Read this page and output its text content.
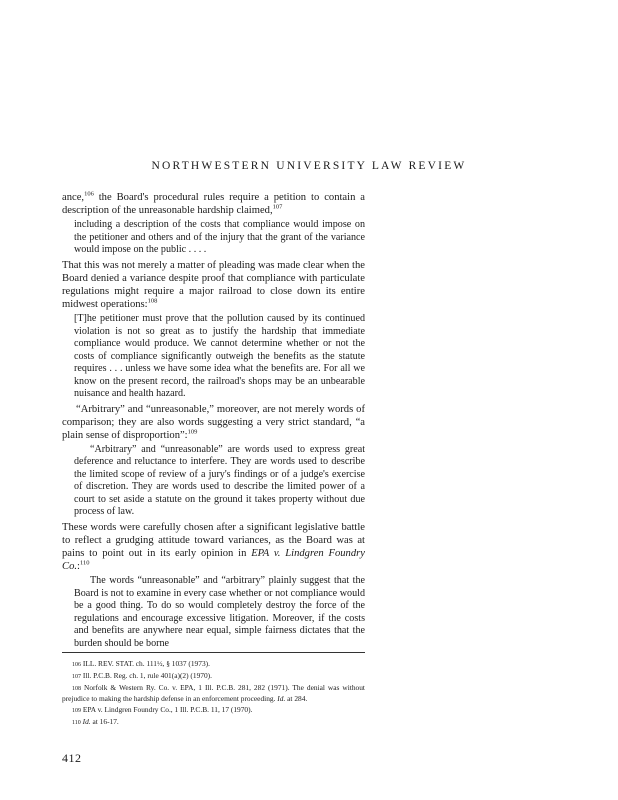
NORTHWESTERN UNIVERSITY LAW REVIEW

ance,$^{106}$ the Board's procedural rules require a petition to contain a description of the unreasonable hardship claimed,$^{107}$

including a description of the costs that compliance would impose on the petitioner and others and of the injury that the grant of the variance would impose on the public . . . .

That this was not merely a matter of pleading was made clear when the Board denied a variance despite proof that compliance with particulate regulations might require a major railroad to close down its entire midwest operations:$^{108}$

[T]he petitioner must prove that the pollution caused by its continued violation is not so great as to justify the hardship that immediate compliance would produce. We cannot determine whether or not the costs of compliance significantly outweigh the benefits as the statute requires . . . unless we have some idea what the benefits are. For all we know on the present record, the railroad's shops may be an unbearable nuisance and health hazard.

“Arbitrary” and “unreasonable,” moreover, are not merely words of comparison; they are also words suggesting a very strict standard, “a plain sense of disproportion”:$^{109}$

“Arbitrary” and “unreasonable” are words used to express great deference and reluctance to interfere. They are words used to describe the limited scope of review of a jury's findings or of a judge's exercise of discretion. They are words used to describe the limited power of a court to set aside a statute on the ground it takes property without due process of law.

These words were carefully chosen after a significant legislative battle to reflect a grudging attitude toward variances, as the Board was at pains to point out in its early opinion in EPA v. Lindgren Foundry Co.:$^{110}$

The words “unreasonable” and “arbitrary” plainly suggest that the Board is not to examine in every case whether or not compliance would be a good thing. To do so would completely destroy the force of the regulations and encourage excessive litigation. Moreover, if the costs and benefits are anywhere near equal, simple fairness dictates that the burden should be borne

106 ILL. REV. STAT. ch. 111½, § 1037 (1973).

107 Ill. P.C.B. Reg. ch. 1, rule 401(a)(2) (1970).

108 Norfolk & Western Ry. Co. v. EPA, 1 Ill. P.C.B. 281, 282 (1971). The denial was without prejudice to making the hardship defense in an enforcement proceeding. Id. at 284.

109 EPA v. Lindgren Foundry Co., 1 Ill. P.C.B. 11, 17 (1970).

110 Id. at 16-17.

412
